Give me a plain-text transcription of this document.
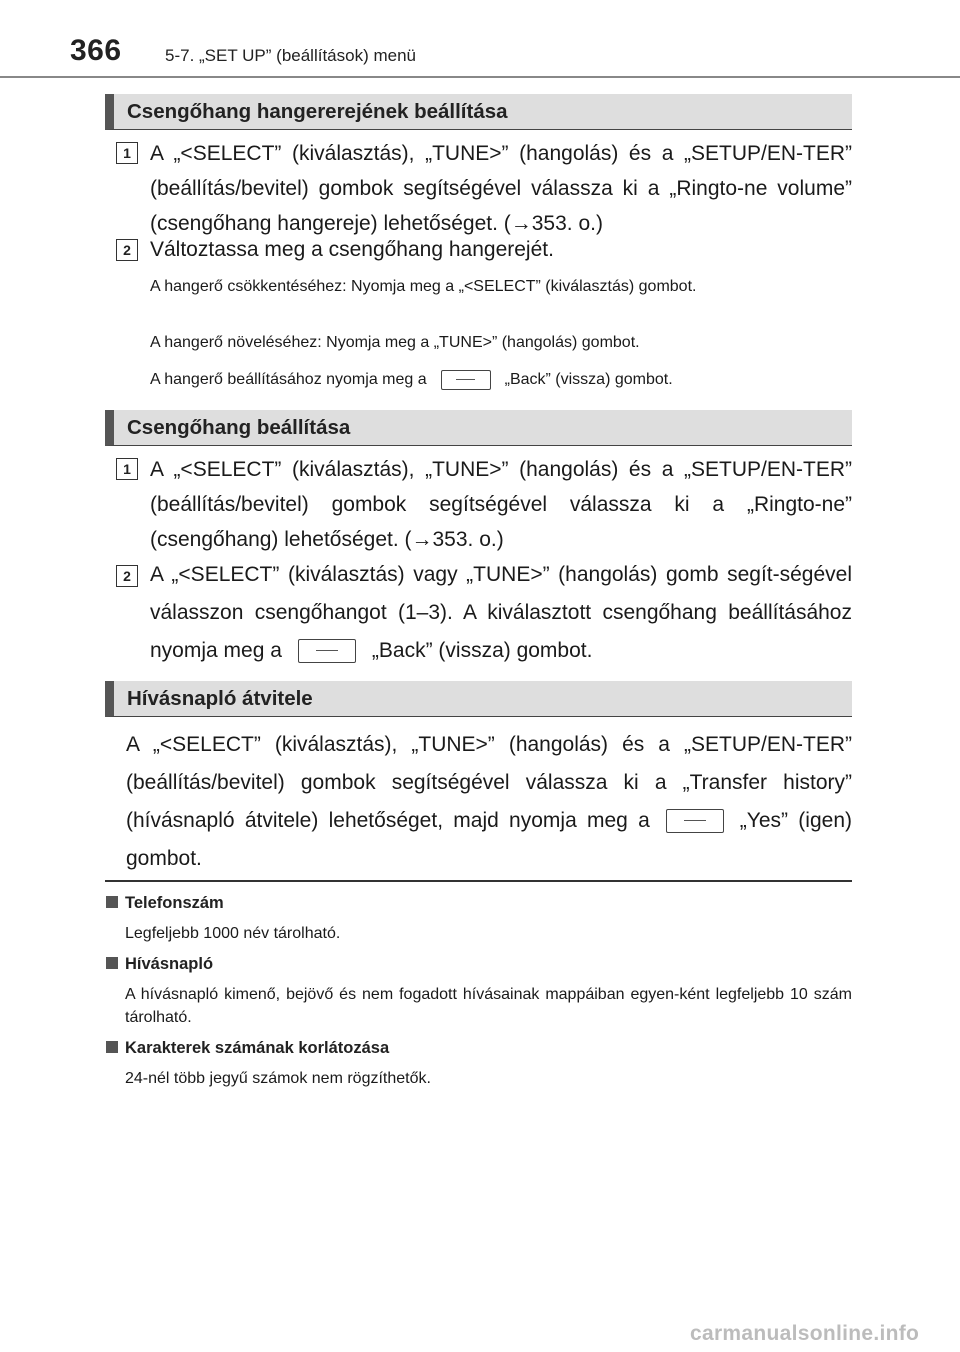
366	5-7. „SET UP” (beállítások) menü
Csengőhang hangererejének beállítása
1 A „<SELECT” (kiválasztás), „TUNE>” (hangolás) és a „SETUP/EN-TER” (beállítás/bevitel) gombok segítségével válassza ki a „Ringto-ne volume” (csengőhang hangereje) lehetőséget. (→353. o.)

2 Változtassa meg a csengőhang hangerejét.

A hangerő csökkentéséhez: Nyomja meg a „<SELECT” (kiválasztás) gombot.

A hangerő növeléséhez: Nyomja meg a „TUNE>” (hangolás) gombot.

A hangerő beállításához nyomja meg a	„Back” (vissza) gombot.

Csengőhang beállítása
1 A „<SELECT” (kiválasztás), „TUNE>” (hangolás) és a „SETUP/EN-TER” (beállítás/bevitel) gombok segítségével válassza ki a „Ringto-ne” (csengőhang) lehetőséget. (→353. o.)

2 A „<SELECT” (kiválasztás) vagy „TUNE>” (hangolás) gomb segít-ségével válasszon csengőhangot (1–3). A kiválasztott csengőhang beállításához nyomja meg a	„Back” (vissza) gombot.

Hívásnapló átvitele

A „<SELECT” (kiválasztás), „TUNE>” (hangolás) és a „SETUP/EN-TER” (beállítás/bevitel) gombok segítségével válassza ki a „Transfer history” (hívásnapló átvitele) lehetőséget, majd nyomja meg a	„Yes” (igen) gombot.

Telefonszám

Legfeljebb 1000 név tárolható.

Hívásnapló

A hívásnapló kimenő, bejövő és nem fogadott hívásainak mappáiban egyen-ként legfeljebb 10 szám tárolható.

Karakterek számának korlátozása

24-nél több jegyű számok nem rögzíthetők.

carmanualsonline.info
